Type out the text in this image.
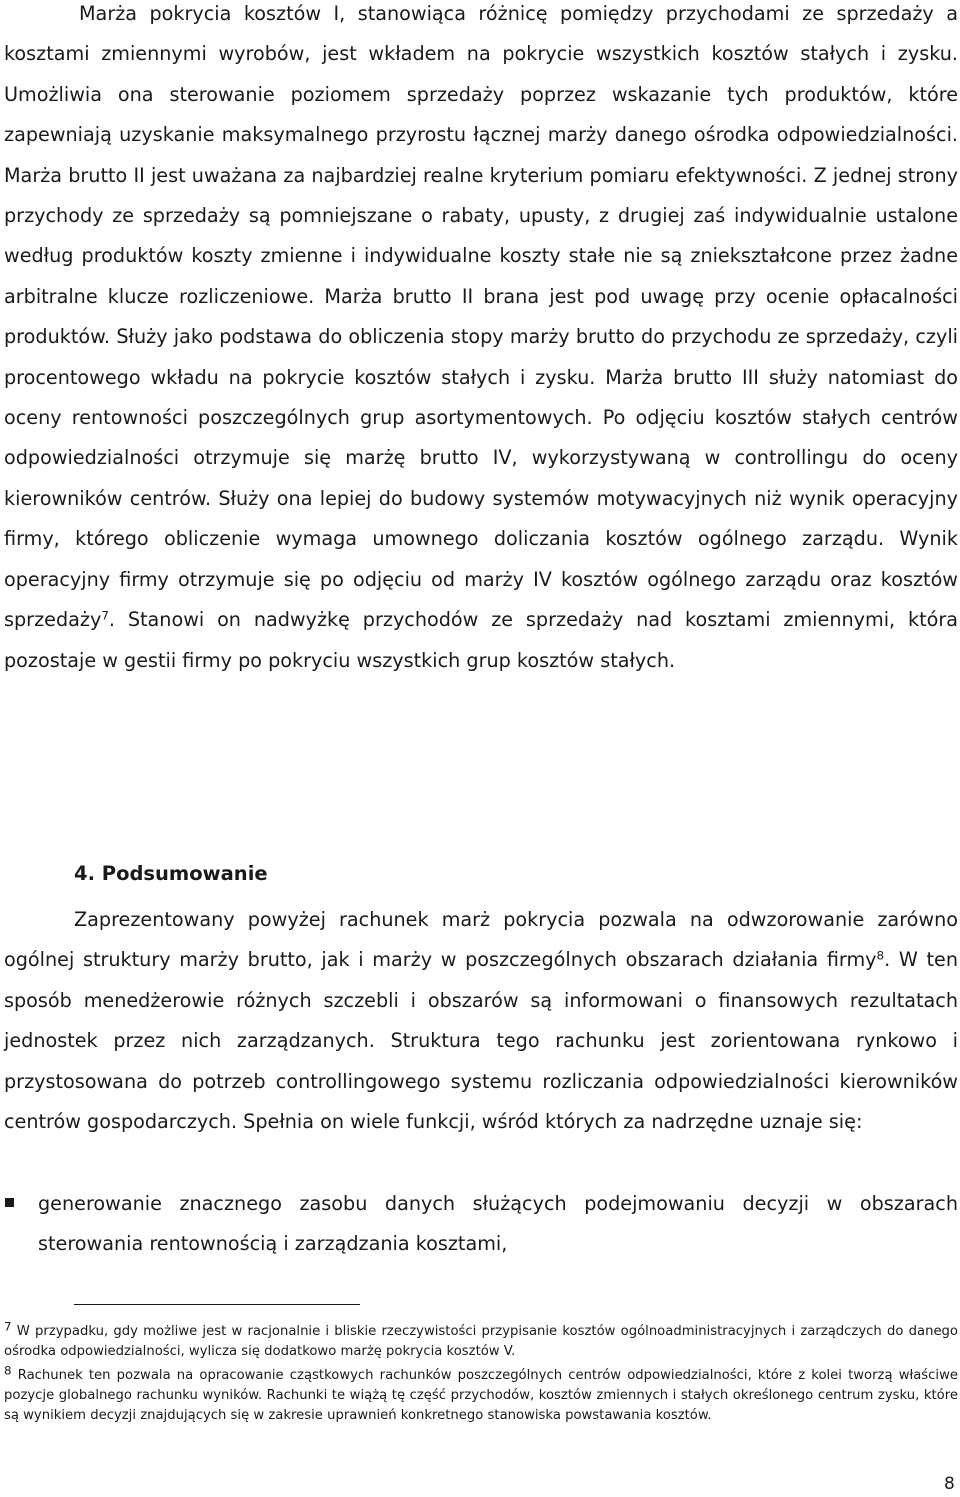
Marża pokrycia kosztów I, stanowiąca różnicę pomiędzy przychodami ze sprzedaży a kosztami zmiennymi wyrobów, jest wkładem na pokrycie wszystkich kosztów stałych i zysku. Umożliwia ona sterowanie poziomem sprzedaży poprzez wskazanie tych produktów, które zapewniają uzyskanie maksymalnego przyrostu łącznej marży danego ośrodka odpowiedzialności. Marża brutto II jest uważana za najbardziej realne kryterium pomiaru efektywności. Z jednej strony przychody ze sprzedaży są pomniejszane o rabaty, upusty, z drugiej zaś indywidualnie ustalone według produktów koszty zmienne i indywidualne koszty stałe nie są zniekształcone przez żadne arbitralne klucze rozliczeniowe. Marża brutto II brana jest pod uwagę przy ocenie opłacalności produktów. Służy jako podstawa do obliczenia stopy marży brutto do przychodu ze sprzedaży, czyli procentowego wkładu na pokrycie kosztów stałych i zysku. Marża brutto III służy natomiast do oceny rentowności poszczególnych grup asortymentowych. Po odjęciu kosztów stałych centrów odpowiedzialności otrzymuje się marżę brutto IV, wykorzystywaną w controllingu do oceny kierowników centrów. Służy ona lepiej do budowy systemów motywacyjnych niż wynik operacyjny firmy, którego obliczenie wymaga umownego doliczania kosztów ogólnego zarządu. Wynik operacyjny firmy otrzymuje się po odjęciu od marży IV kosztów ogólnego zarządu oraz kosztów sprzedaży$^7$. Stanowi on nadwyżkę przychodów ze sprzedaży nad kosztami zmiennymi, która pozostaje w gestii firmy po pokryciu wszystkich grup kosztów stałych.

4. Podsumowanie

Zaprezentowany powyżej rachunek marż pokrycia pozwala na odwzorowanie zarówno ogólnej struktury marży brutto, jak i marży w poszczególnych obszarach działania firmy$^8$. W ten sposób menedżerowie różnych szczebli i obszarów są informowani o finansowych rezultatach jednostek przez nich zarządzanych. Struktura tego rachunku jest zorientowana rynkowo i przystosowana do potrzeb controllingowego systemu rozliczania odpowiedzialności kierowników centrów gospodarczych. Spełnia on wiele funkcji, wśród których za nadrzędne uznaje się:

generowanie znacznego zasobu danych służących podejmowaniu decyzji w obszarach sterowania rentownością i zarządzania kosztami,

$^7$ W przypadku, gdy możliwe jest w racjonalnie i bliskie rzeczywistości przypisanie kosztów ogólnoadministracyjnych i zarządczych do danego ośrodka odpowiedzialności, wylicza się dodatkowo marżę pokrycia kosztów V.

$^8$ Rachunek ten pozwala na opracowanie cząstkowych rachunków poszczególnych centrów odpowiedzialności, które z kolei tworzą właściwe pozycje globalnego rachunku wyników. Rachunki te wiążą tę część przychodów, kosztów zmiennych i stałych określonego centrum zysku, które są wynikiem decyzji znajdujących się w zakresie uprawnień konkretnego stanowiska powstawania kosztów.

8
